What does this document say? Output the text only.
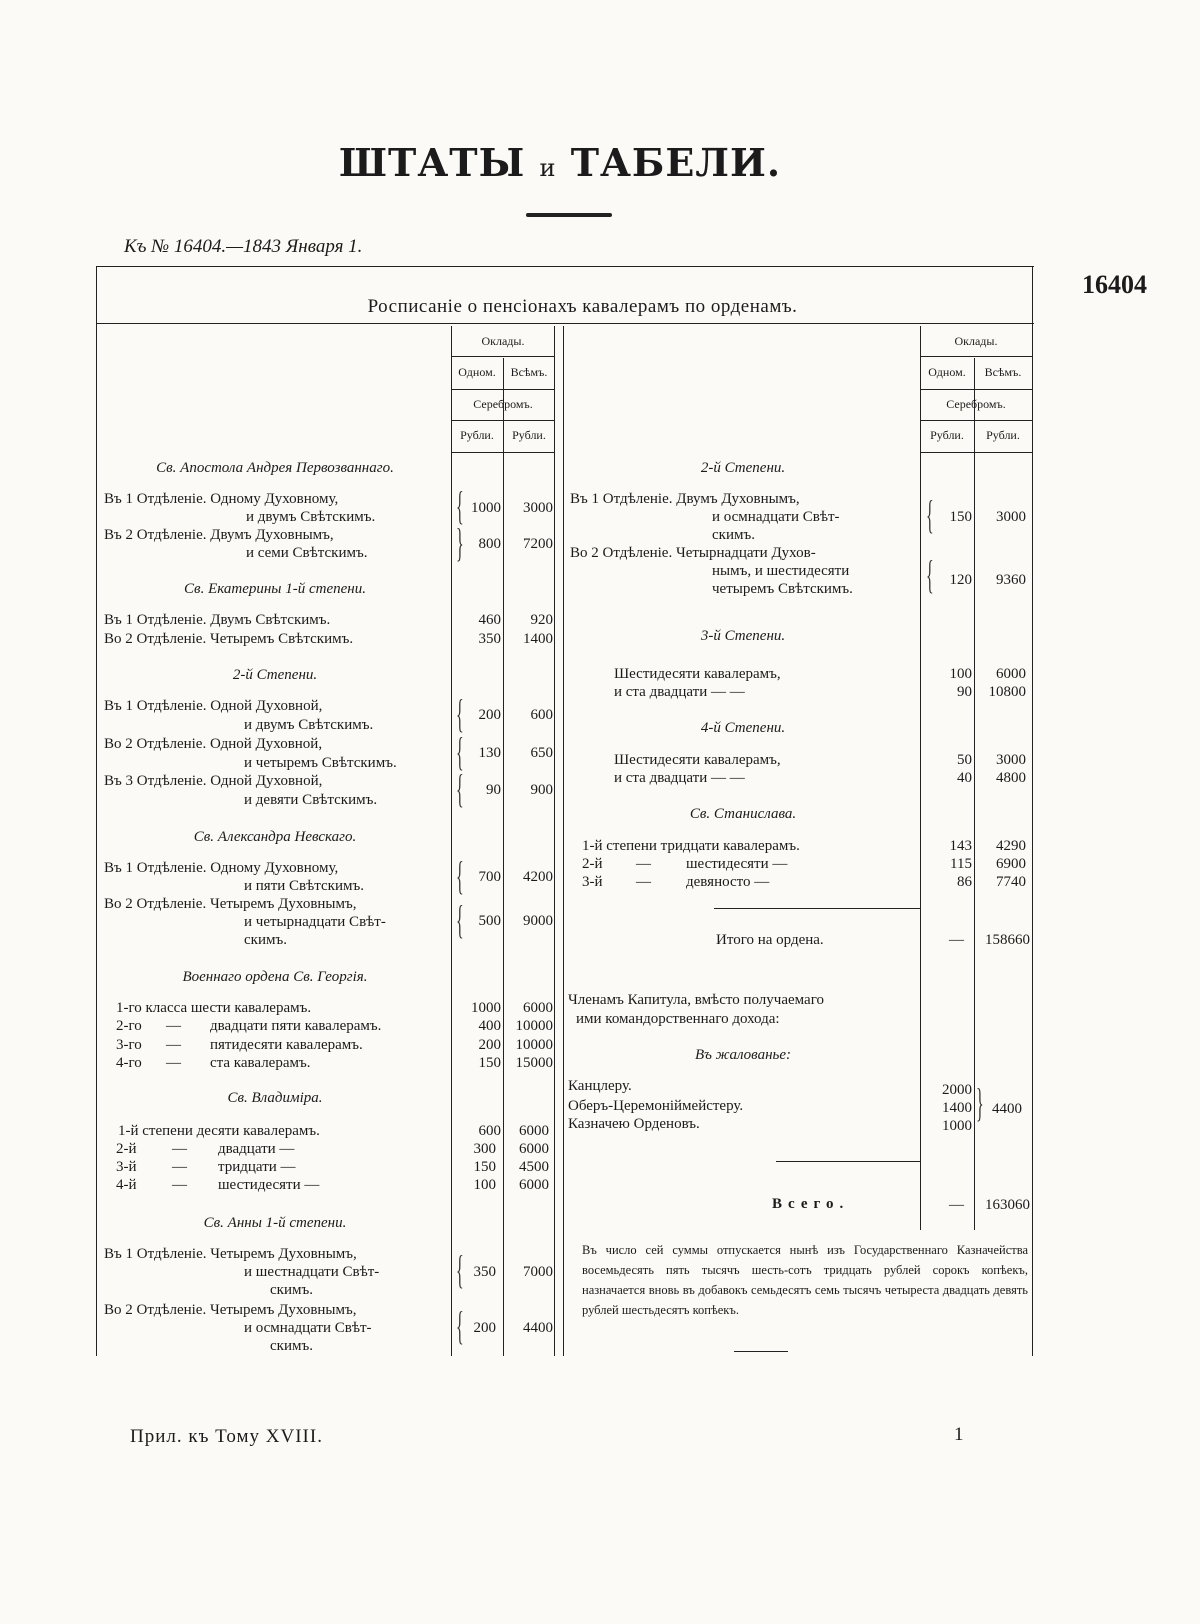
ШТАТЫ и ТАБЕЛИ.
Къ № 16404.—1843 Января 1.
16404
Росписаніе о пенсіонахъ кавалерамъ по орденамъ.
Оклады.
Одном.	Всѣмъ.
Серебромъ.
Рубли.	Рубли.
Оклады.
Одном.	Всѣмъ.
Серебромъ.
Рубли.	Рубли.
Св. Апостола Андрея Первозваннаго.
Въ 1 Отдѣленіе. Одному Духовному,
и двумъ Свѣтскимъ. { 1000	3000
Въ 2 Отдѣленіе. Двумъ Духовнымъ,
и семи Свѣтскимъ. } 800	7200
Св. Екатерины 1-й степени.
Въ 1 Отдѣленіе. Двумъ Свѣтскимъ.	460	920
Во 2 Отдѣленіе. Четыремъ Свѣтскимъ.	350	1400
2-й Степени.
Въ 1 Отдѣленіе. Одной Духовной,
и двумъ Свѣтскимъ. { 200	600
Во 2 Отдѣленіе. Одной Духовной,
и четыремъ Свѣтскимъ. { 130	650
Въ 3 Отдѣленіе. Одной Духовной,
и девяти Свѣтскимъ. {	90	900
Св. Александра Невскаго.
Въ 1 Отдѣленіе. Одному Духовному,
и пяти Свѣтскимъ. { 700	4200
Во 2 Отдѣленіе. Четыремъ Духовнымъ,
и четырнадцати Свѣт-
скимъ.	{ 500	9000
Военнаго ордена Св. Георгія.
1-го класса шести кавалерамъ.	1000	6000
2-го — двадцати пяти кавалерамъ.	400 10000
3-го — пятидесяти кавалерамъ.	200 10000
4-го — ста кавалерамъ.	150 15000
Св. Владиміра.
1-й степени десяти кавалерамъ.	600	6000
2-й — двадцати —	300	6000
3-й — тридцати —	150	4500
4-й — шестидесяти —	100	6000
Св. Анны 1-й степени.
Въ 1 Отдѣленіе. Четыремъ Духовнымъ,
и шестнадцати Свѣт-
скимъ.	{ 350	7000
Во 2 Отдѣленіе. Четыремъ Духовнымъ,
и осмнадцати Свѣт-
скимъ.	{ 200	4400
2-й Степени.
Въ 1 Отдѣленіе. Двумъ Духовнымъ,
и осмнадцати Свѣт-
скимъ.	{	150	3000
Во 2 Отдѣленіе. Четырнадцати Духов-
нымъ, и шестидесяти
четыремъ Свѣтскимъ. {	120	9360
3-й Степени.
Шестидесяти кавалерамъ,	100	6000
и ста двадцати — —	90	10800
4-й Степени.
Шестидесяти кавалерамъ,	50	3000
и ста двадцати — —	40	4800
Св. Станислава.
1-й степени тридцати кавалерамъ.	143	4290
2-й — шестидесяти —	115	6900
3-й — девяносто —	86	7740
Итого на ордена.	—	158660
Членамъ Капитула, вмѣсто получаемаго
ими командорственнаго дохода:
Въ жалованье:
Канцлеру.	2000
Оберъ-Церемоніймейстеру.	1400
Казначею Орденовъ.	1000
} 4400
Всего.	—	163060
Въ число сей суммы отпускается нынѣ изъ Государственнаго Казначейства восемьдесять пять тысячъ шесть-сотъ тридцать рублей сорокъ копѣекъ, назначается вновь въ добавокъ семьдесятъ семь тысячъ четыреста двадцать девять рублей шестьдесятъ копѣекъ.
Прил. къ Тому XVIII.	1
